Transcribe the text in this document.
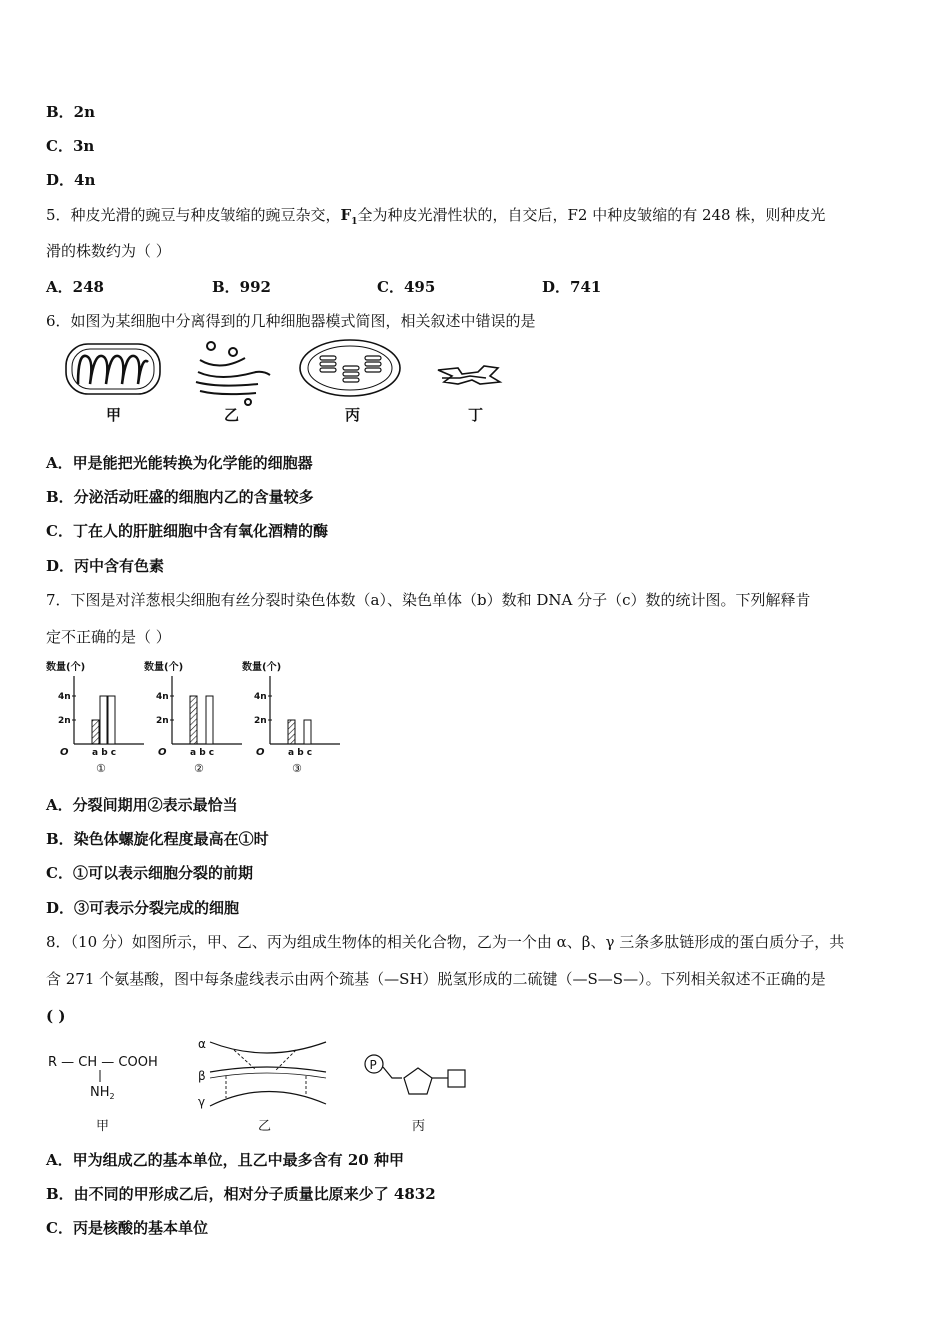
B．2n
C．3n
D．4n
5．种皮光滑的豌豆与种皮皱缩的豌豆杂交，$F_1$全为种皮光滑性状的，自交后，F2 中种皮皱缩的有 248 株，则种皮光
滑的株数约为（ ）
A．248	B．992	C．495	D．741
6．如图为某细胞中分离得到的几种细胞器模式简图，相关叙述中错误的是
甲	乙	丙	丁
A．甲是能把光能转换为化学能的细胞器
B．分泌活动旺盛的细胞内乙的含量较多
C．丁在人的肝脏细胞中含有氧化酒精的酶
D．丙中含有色素
7．下图是对洋葱根尖细胞有丝分裂时染色体数（a）、染色单体（b）数和 DNA 分子（c）数的统计图。下列解释肯
定不正确的是（ ）
数量(个)
2n
4n
O	a b c
①
数量(个)
2n
4n
O	a b c
②
数量(个)
2n
4n
O	a b c
③
A．分裂间期用②表示最恰当
B．染色体螺旋化程度最高在①时
C．①可以表示细胞分裂的前期
D．③可表示分裂完成的细胞
8．（10 分）如图所示，甲、乙、丙为组成生物体的相关化合物，乙为一个由 α、β、γ 三条多肽链形成的蛋白质分子，共
含 271 个氨基酸，图中每条虚线表示由两个巯基（—SH）脱氢形成的二硫键（—S—S—）。下列相关叙述不正确的是
( )
R — CH — COOH
$NH_2$
甲
α
β
γ
乙
P
丙
A．甲为组成乙的基本单位，且乙中最多含有 20 种甲
B．由不同的甲形成乙后，相对分子质量比原来少了 4832
C．丙是核酸的基本单位
